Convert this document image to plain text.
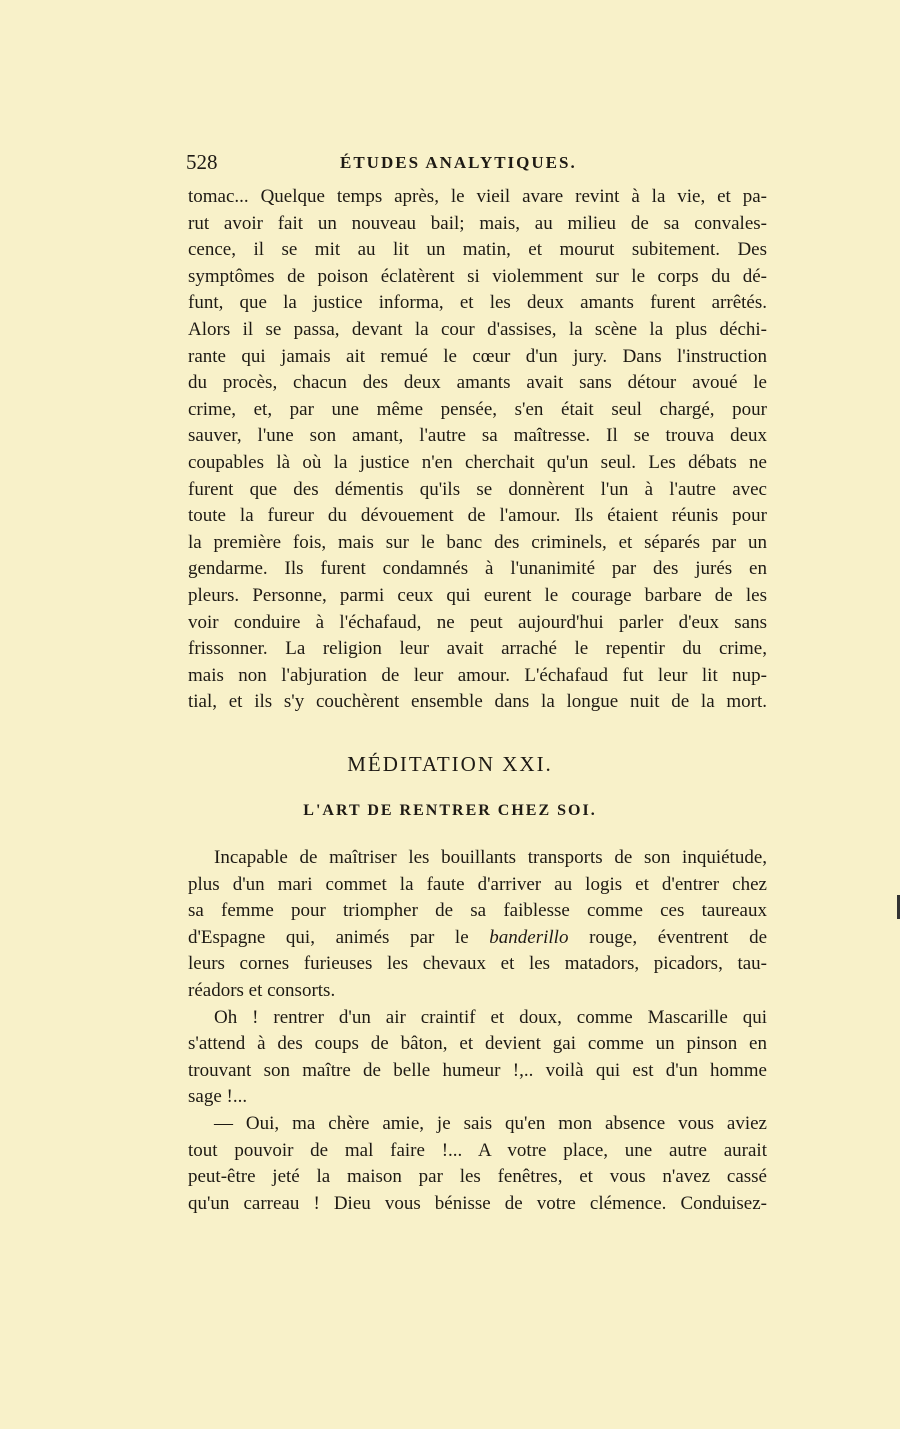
528	ÉTUDES ANALYTIQUES.
tomac... Quelque temps après, le vieil avare revint à la vie, et pa-
rut avoir fait un nouveau bail; mais, au milieu de sa convales-
cence, il se mit au lit un matin, et mourut subitement. Des
symptômes de poison éclatèrent si violemment sur le corps du dé-
funt, que la justice informa, et les deux amants furent arrêtés.
Alors il se passa, devant la cour d'assises, la scène la plus déchi-
rante qui jamais ait remué le cœur d'un jury. Dans l'instruction
du procès, chacun des deux amants avait sans détour avoué le
crime, et, par une même pensée, s'en était seul chargé, pour
sauver, l'une son amant, l'autre sa maîtresse. Il se trouva deux
coupables là où la justice n'en cherchait qu'un seul. Les débats ne
furent que des démentis qu'ils se donnèrent l'un à l'autre avec
toute la fureur du dévouement de l'amour. Ils étaient réunis pour
la première fois, mais sur le banc des criminels, et séparés par un
gendarme. Ils furent condamnés à l'unanimité par des jurés en
pleurs. Personne, parmi ceux qui eurent le courage barbare de les
voir conduire à l'échafaud, ne peut aujourd'hui parler d'eux sans
frissonner. La religion leur avait arraché le repentir du crime,
mais non l'abjuration de leur amour. L'échafaud fut leur lit nup-
tial, et ils s'y couchèrent ensemble dans la longue nuit de la mort.
MÉDITATION XXI.
L'ART DE RENTRER CHEZ SOI.
Incapable de maîtriser les bouillants transports de son inquiétude,
plus d'un mari commet la faute d'arriver au logis et d'entrer chez
sa femme pour triompher de sa faiblesse comme ces taureaux
d'Espagne qui, animés par le banderillo rouge, éventrent de
leurs cornes furieuses les chevaux et les matadors, picadors, tau-
réadors et consorts.
Oh ! rentrer d'un air craintif et doux, comme Mascarille qui
s'attend à des coups de bâton, et devient gai comme un pinson en
trouvant son maître de belle humeur !,.. voilà qui est d'un homme
sage !...
— Oui, ma chère amie, je sais qu'en mon absence vous aviez
tout pouvoir de mal faire !... A votre place, une autre aurait
peut-être jeté la maison par les fenêtres, et vous n'avez cassé
qu'un carreau ! Dieu vous bénisse de votre clémence. Conduisez-
